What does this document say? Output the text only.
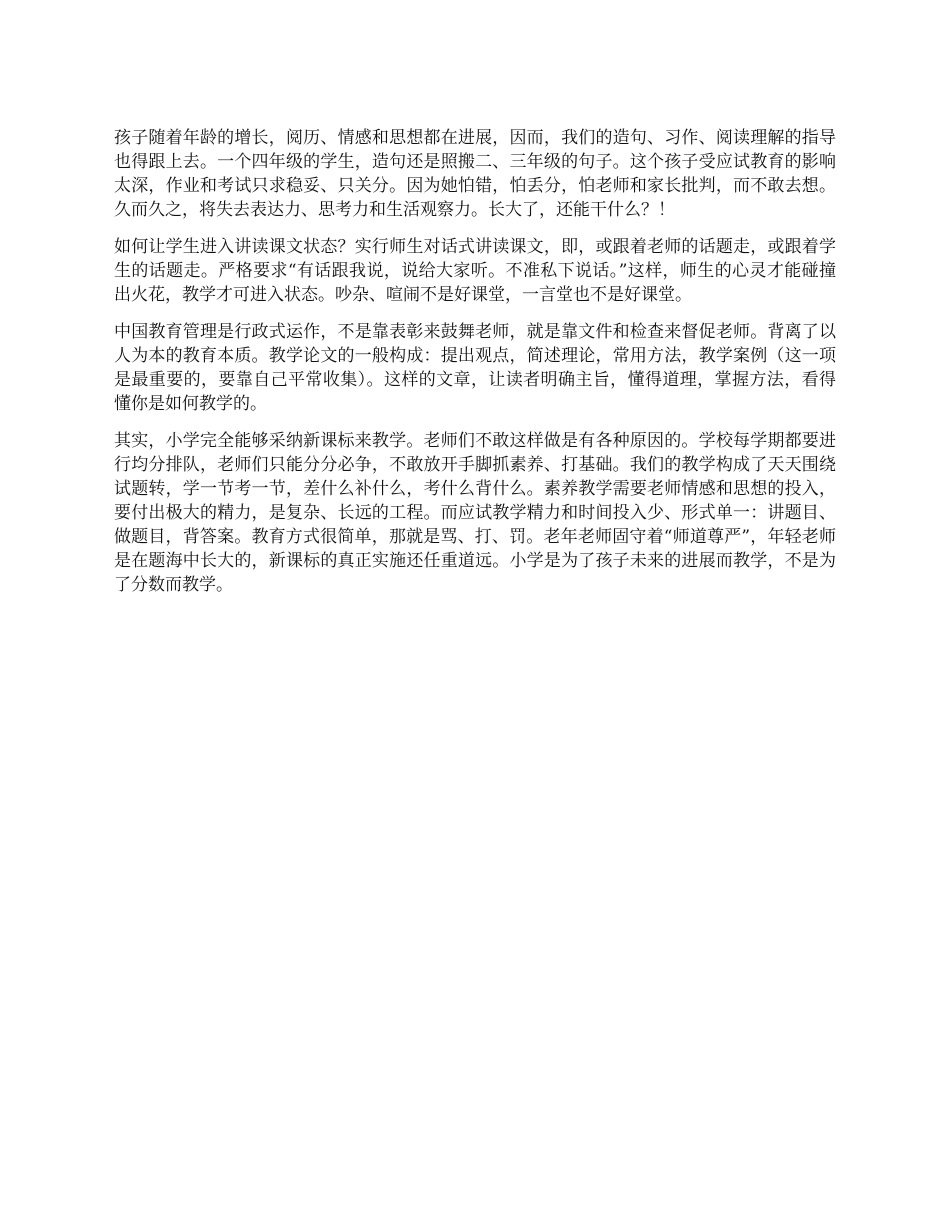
孩子随着年龄的增长，阅历、情感和思想都在进展，因而，我们的造句、习作、阅读理解的指导也得跟上去。一个四年级的学生，造句还是照搬二、三年级的句子。这个孩子受应试教育的影响太深，作业和考试只求稳妥、只关分。因为她怕错，怕丢分，怕老师和家长批判，而不敢去想。久而久之，将失去表达力、思考力和生活观察力。长大了，还能干什么？！

如何让学生进入讲读课文状态？实行师生对话式讲读课文，即，或跟着老师的话题走，或跟着学生的话题走。严格要求“有话跟我说，说给大家听。不准私下说话。”这样，师生的心灵才能碰撞出火花，教学才可进入状态。吵杂、喧闹不是好课堂，一言堂也不是好课堂。

中国教育管理是行政式运作，不是靠表彰来鼓舞老师，就是靠文件和检查来督促老师。背离了以人为本的教育本质。教学论文的一般构成：提出观点，简述理论，常用方法，教学案例（这一项是最重要的，要靠自己平常收集）。这样的文章，让读者明确主旨，懂得道理，掌握方法，看得懂你是如何教学的。

其实，小学完全能够采纳新课标来教学。老师们不敢这样做是有各种原因的。学校每学期都要进行均分排队，老师们只能分分必争，不敢放开手脚抓素养、打基础。我们的教学构成了天天围绕试题转，学一节考一节，差什么补什么，考什么背什么。素养教学需要老师情感和思想的投入，要付出极大的精力，是复杂、长远的工程。而应试教学精力和时间投入少、形式单一：讲题目、做题目，背答案。教育方式很简单，那就是骂、打、罚。老年老师固守着“师道尊严”，年轻老师是在题海中长大的，新课标的真正实施还任重道远。小学是为了孩子未来的进展而教学，不是为了分数而教学。
